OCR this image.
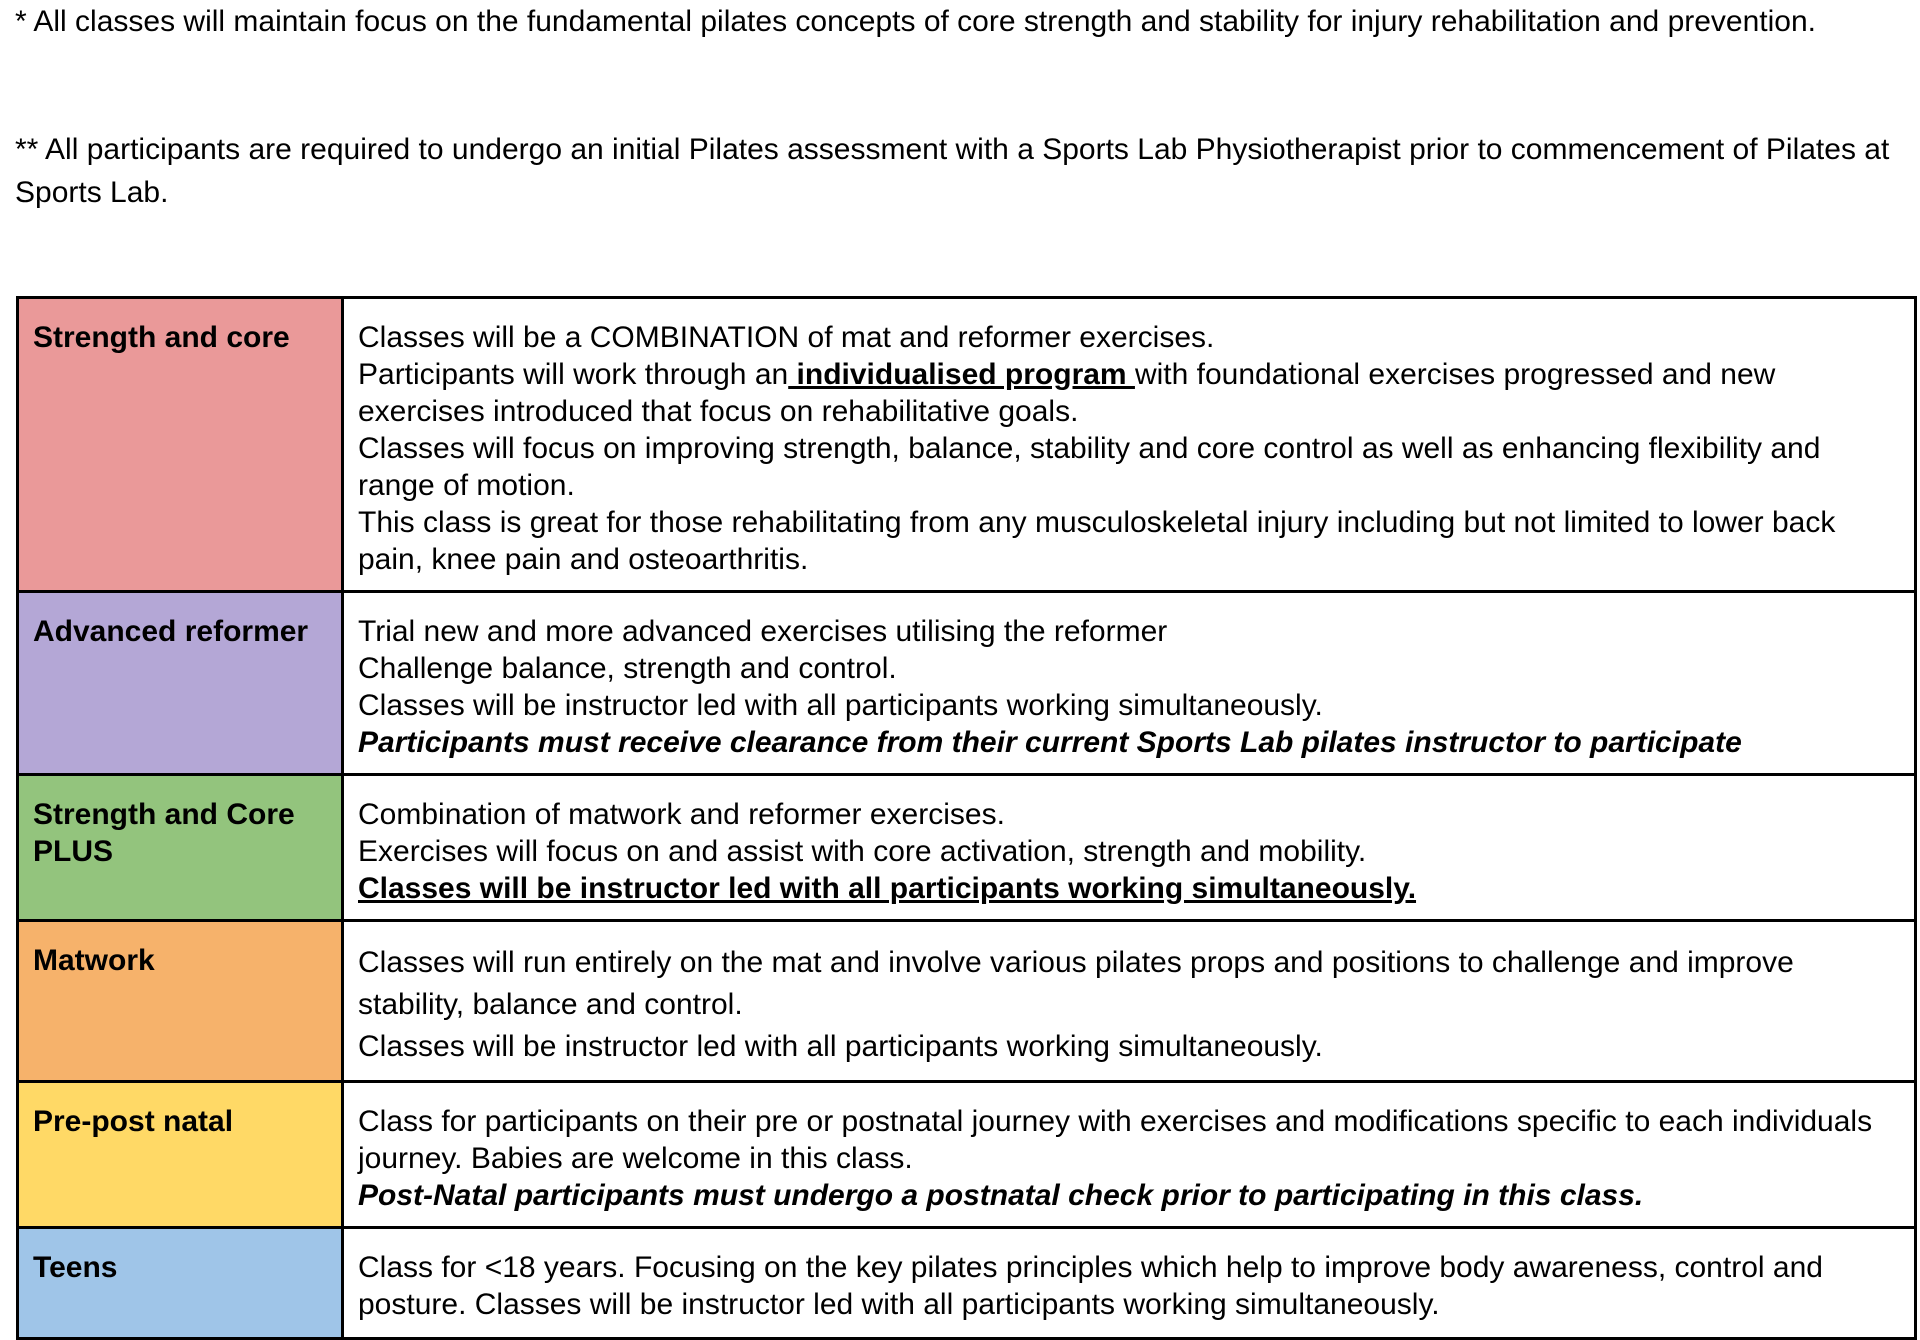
* All classes will maintain focus on the fundamental pilates concepts of core strength and stability for injury rehabilitation and prevention.

** All participants are required to undergo an initial Pilates assessment with a Sports Lab Physiotherapist prior to commencement of Pilates at Sports Lab.

Strength and core	Classes will be a COMBINATION of mat and reformer exercises.
Participants will work through an individualised program with foundational exercises progressed and new exercises introduced that focus on rehabilitative goals.
Classes will focus on improving strength, balance, stability and core control as well as enhancing flexibility and range of motion.
This class is great for those rehabilitating from any musculoskeletal injury including but not limited to lower back pain, knee pain and osteoarthritis.

Advanced reformer	Trial new and more advanced exercises utilising the reformer
Challenge balance, strength and control.
Classes will be instructor led with all participants working simultaneously.
Participants must receive clearance from their current Sports Lab pilates instructor to participate

Strength and Core PLUS	Combination of matwork and reformer exercises.
Exercises will focus on and assist with core activation, strength and mobility.
Classes will be instructor led with all participants working simultaneously.

Matwork	Classes will run entirely on the mat and involve various pilates props and positions to challenge and improve stability, balance and control.
Classes will be instructor led with all participants working simultaneously.

Pre-post natal	Class for participants on their pre or postnatal journey with exercises and modifications specific to each individuals journey. Babies are welcome in this class.
Post-Natal participants must undergo a postnatal check prior to participating in this class.

Teens	Class for <18 years. Focusing on the key pilates principles which help to improve body awareness, control and posture. Classes will be instructor led with all participants working simultaneously.
